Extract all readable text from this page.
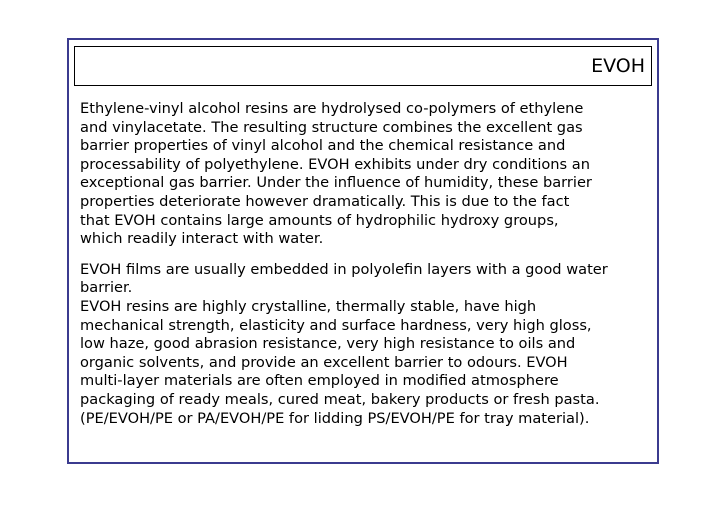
EVOH
Ethylene-vinyl alcohol resins are hydrolysed co-polymers of ethylene
and vinylacetate. The resulting structure combines the excellent gas
barrier properties of vinyl alcohol and the chemical resistance and
processability of polyethylene. EVOH exhibits under dry conditions an
exceptional gas barrier. Under the influence of humidity, these barrier
properties deteriorate however dramatically. This is due to the fact
that EVOH contains large amounts of hydrophilic hydroxy groups,
which readily interact with water.
EVOH films are usually embedded in polyolefin layers with a good water
barrier.
EVOH resins are highly crystalline, thermally stable, have high
mechanical strength, elasticity and surface hardness, very high gloss,
low haze, good abrasion resistance, very high resistance to oils and
organic solvents, and provide an excellent barrier to odours. EVOH
multi-layer materials are often employed in modified atmosphere
packaging of ready meals, cured meat, bakery products or fresh pasta.
(PE/EVOH/PE or PA/EVOH/PE for lidding PS/EVOH/PE for tray material).
